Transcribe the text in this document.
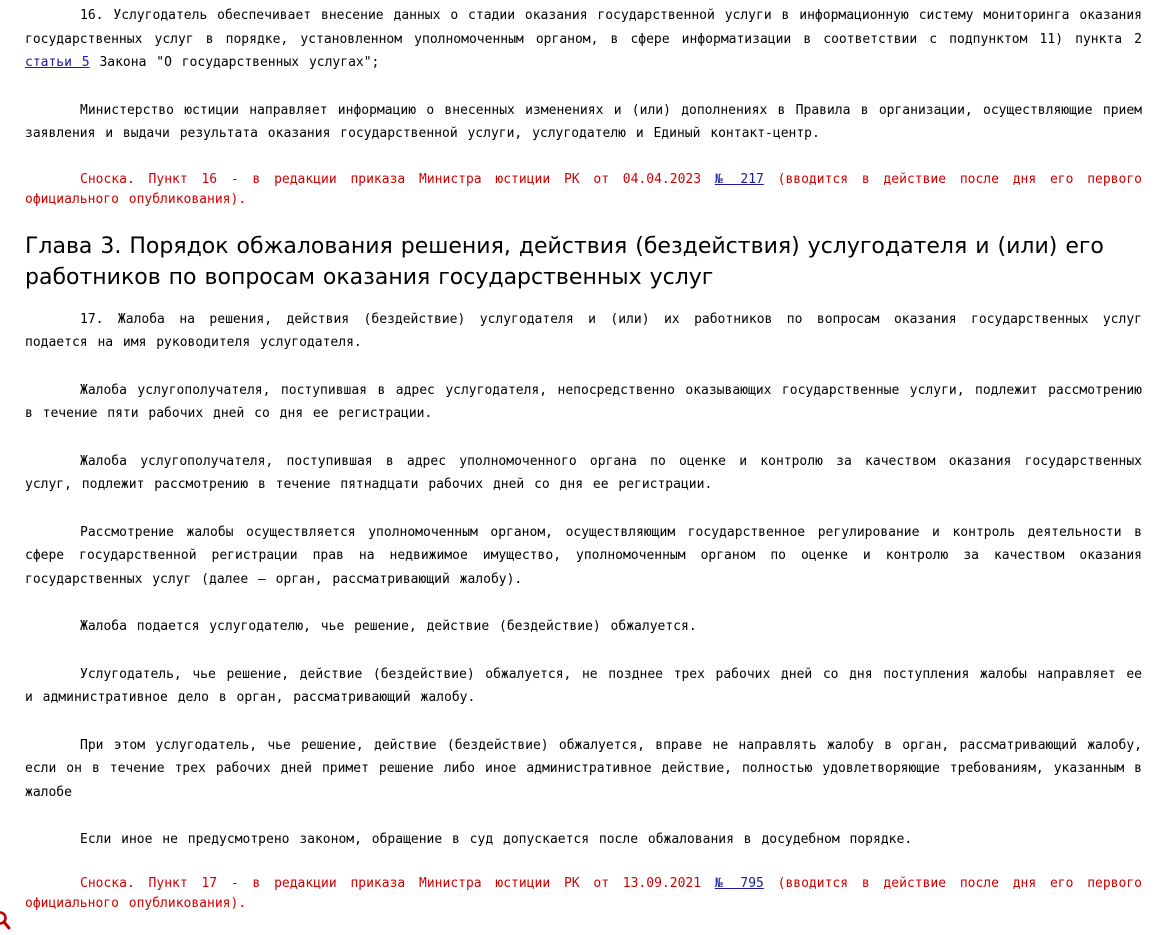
16. Услугодатель обеспечивает внесение данных о стадии оказания государственной услуги в информационную систему мониторинга оказания государственных услуг в порядке, установленном уполномоченным органом, в сфере информатизации в соответствии с подпунктом 11) пункта 2 статьи 5 Закона "О государственных услугах";

Министерство юстиции направляет информацию о внесенных изменениях и (или) дополнениях в Правила в организации, осуществляющие прием заявления и выдачи результата оказания государственной услуги, услугодателю и Единый контакт-центр.

Сноска. Пункт 16 - в редакции приказа Министра юстиции РК от 04.04.2023 № 217 (вводится в действие после дня его первого официального опубликования).

Глава 3. Порядок обжалования решения, действия (бездействия) услугодателя и (или) его работников по вопросам оказания государственных услуг

17. Жалоба на решения, действия (бездействие) услугодателя и (или) их работников по вопросам оказания государственных услуг подается на имя руководителя услугодателя.

Жалоба услугополучателя, поступившая в адрес услугодателя, непосредственно оказывающих государственные услуги, подлежит рассмотрению в течение пяти рабочих дней со дня ее регистрации.

Жалоба услугополучателя, поступившая в адрес уполномоченного органа по оценке и контролю за качеством оказания государственных услуг, подлежит рассмотрению в течение пятнадцати рабочих дней со дня ее регистрации.

Рассмотрение жалобы осуществляется уполномоченным органом, осуществляющим государственное регулирование и контроль деятельности в сфере государственной регистрации прав на недвижимое имущество, уполномоченным органом по оценке и контролю за качеством оказания государственных услуг (далее – орган, рассматривающий жалобу).

Жалоба подается услугодателю, чье решение, действие (бездействие) обжалуется.

Услугодатель, чье решение, действие (бездействие) обжалуется, не позднее трех рабочих дней со дня поступления жалобы направляет ее и административное дело в орган, рассматривающий жалобу.

При этом услугодатель, чье решение, действие (бездействие) обжалуется, вправе не направлять жалобу в орган, рассматривающий жалобу, если он в течение трех рабочих дней примет решение либо иное административное действие, полностью удовлетворяющие требованиям, указанным в жалобе

Если иное не предусмотрено законом, обращение в суд допускается после обжалования в досудебном порядке.

Сноска. Пункт 17 - в редакции приказа Министра юстиции РК от 13.09.2021 № 795 (вводится в действие после дня его первого официального опубликования).
